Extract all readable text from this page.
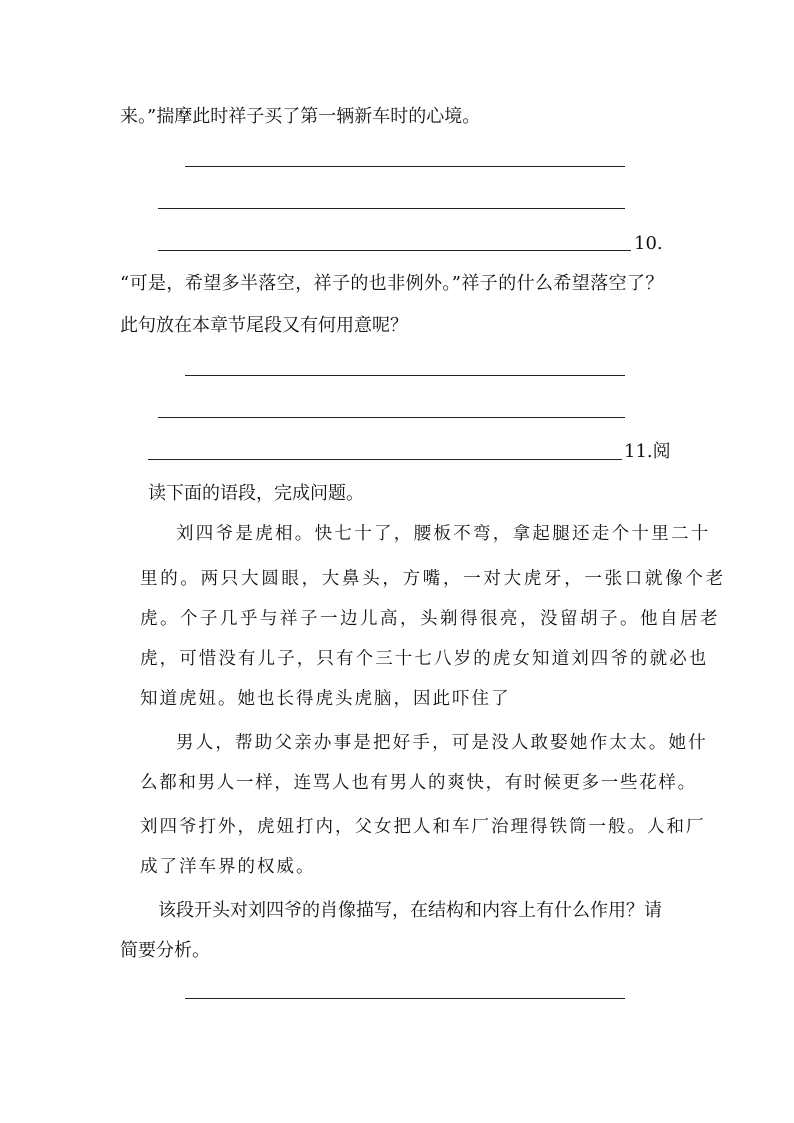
来。”揣摩此时祥子买了第一辆新车时的心境。
10.
“可是，希望多半落空，祥子的也非例外。”祥子的什么希望落空了？
此句放在本章节尾段又有何用意呢？
11.阅
读下面的语段，完成问题。
刘四爷是虎相。快七十了，腰板不弯，拿起腿还走个十里二十
里的。两只大圆眼，大鼻头，方嘴，一对大虎牙，一张口就像个老
虎。个子几乎与祥子一边儿高，头剃得很亮，没留胡子。他自居老
虎，可惜没有儿子，只有个三十七八岁的虎女知道刘四爷的就必也
知道虎妞。她也长得虎头虎脑，因此吓住了
男人，帮助父亲办事是把好手，可是没人敢娶她作太太。她什
么都和男人一样，连骂人也有男人的爽快，有时候更多一些花样。
刘四爷打外，虎妞打内，父女把人和车厂治理得铁筒一般。人和厂
成了洋车界的权威。
该段开头对刘四爷的肖像描写，在结构和内容上有什么作用？请
简要分析。
